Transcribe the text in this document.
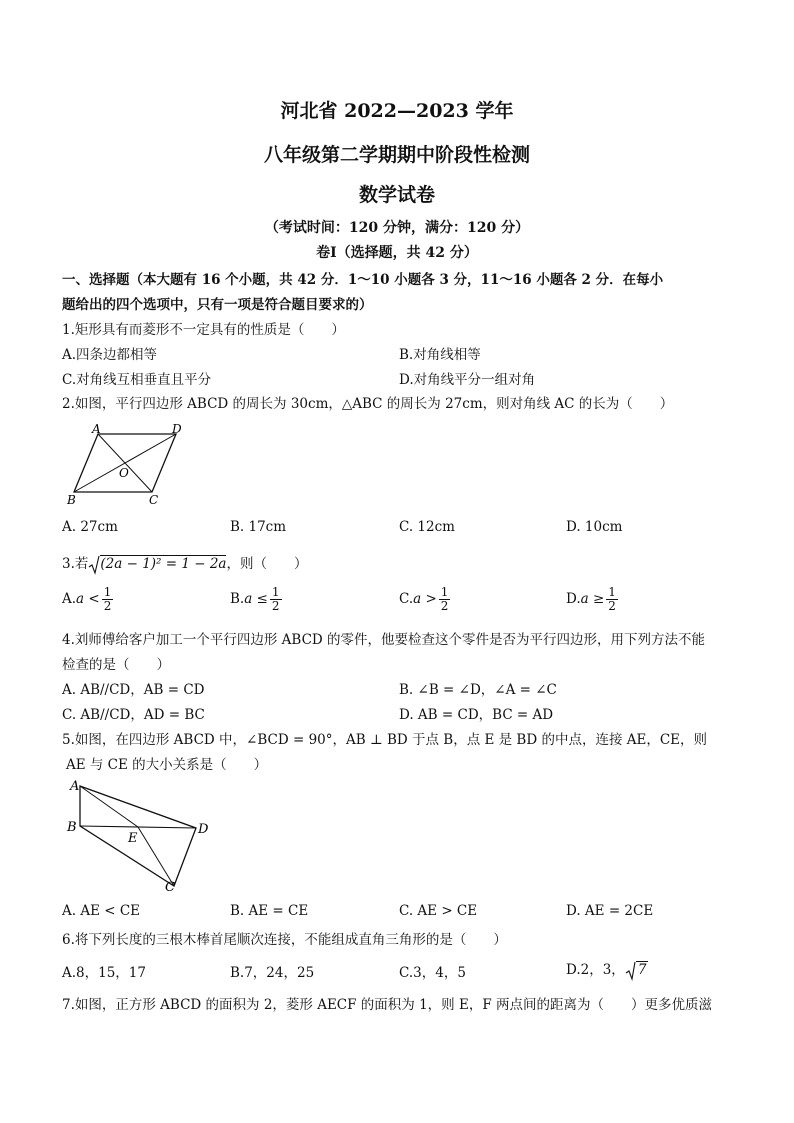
河北省 2022—2023 学年
八年级第二学期期中阶段性检测
数学试卷
（考试时间：120 分钟，满分：120 分）
卷Ⅰ（选择题，共 42 分）
一、选择题（本大题有 16 个小题，共 42 分．1～10 小题各 3 分，11～16 小题各 2 分．在每小
题给出的四个选项中，只有一项是符合题目要求的）
1.矩形具有而菱形不一定具有的性质是（　　）
A.四条边都相等	B.对角线相等
C.对角线互相垂直且平分	D.对角线平分一组对角
2.如图，平行四边形 ABCD 的周长为 30cm，△ABC 的周长为 27cm，则对角线 AC 的长为（　　）
A	D
O
B	C
A. 27cm	B. 17cm	C. 12cm	D. 10cm
3.若 (2a − 1)² = 1 − 2a，则（　　）
$A.a < \frac{1}{2}$	$B.a \le \frac{1}{2}$	$C.a > \frac{1}{2}$	$D.a \ge \frac{1}{2}$
4.刘师傅给客户加工一个平行四边形 ABCD 的零件，他要检查这个零件是否为平行四边形，用下列方法不能
检查的是（　　）
A. AB//CD，AB = CD	B. ∠B = ∠D，∠A = ∠C
C. AB//CD，AD = BC	D. AB = CD，BC = AD
5.如图，在四边形 ABCD 中，∠BCD = 90°，AB ⊥ BD 于点 B，点 E 是 BD 的中点，连接 AE，CE，则
AE 与 CE 的大小关系是（　　）
A
B
E
D
C
A. AE < CE	B. AE = CE	C. AE > CE	D. AE = 2CE
6.将下列长度的三根木棒首尾顺次连接，不能组成直角三角形的是（　　）
A.8，15，17	B.7，24，25	C.3，4，5	D.2，3， 7
7.如图，正方形 ABCD 的面积为 2，菱形 AECF 的面积为 1，则 E，F 两点间的距离为（　　）更多优质滋
